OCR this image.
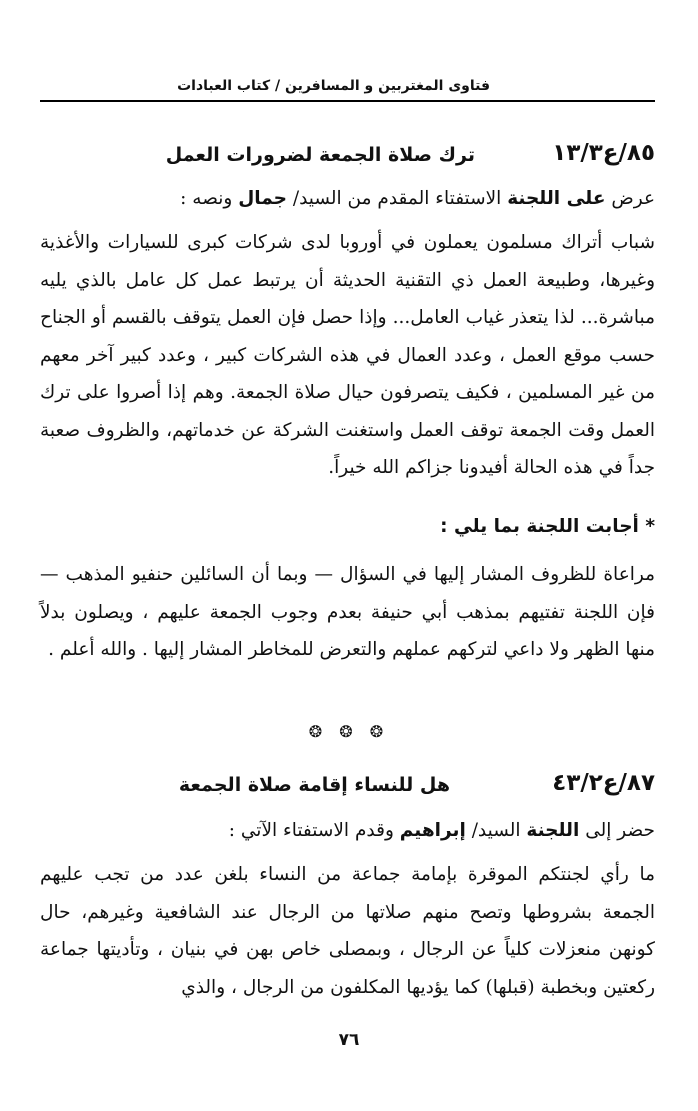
فتاوى المغتربين و المسافرين / كتاب العبادات
٨٥/ع١٣/٣
ترك صلاة الجمعة لضرورات العمل
عرض على اللجنة الاستفتاء المقدم من السيد/ جمال ونصه :
شباب أتراك مسلمون يعملون في أوروبا لدى شركات كبرى للسيارات والأغذية وغيرها، وطبيعة العمل ذي التقنية الحديثة أن يرتبط عمل كل عامل بالذي يليه مباشرة... لذا يتعذر غياب العامل... وإذا حصل فإن العمل يتوقف بالقسم أو الجناح حسب موقع العمل ، وعدد العمال في هذه الشركات كبير ، وعدد كبير آخر معهم من غير المسلمين ، فكيف يتصرفون حيال صلاة الجمعة. وهم إذا أصروا على ترك العمل وقت الجمعة توقف العمل واستغنت الشركة عن خدماتهم، والظروف صعبة جداً في هذه الحالة أفيدونا جزاكم الله خيراً.
* أجابت اللجنة بما يلي :
مراعاة للظروف المشار إليها في السؤال — وبما أن السائلين حنفيو المذهب — فإن اللجنة تفتيهم بمذهب أبي حنيفة بعدم وجوب الجمعة عليهم ، ويصلون بدلاً منها الظهر ولا داعي لتركهم عملهم والتعرض للمخاطر المشار إليها . والله أعلم .
❂ ❂ ❂
٨٧/ع٤٣/٢
هل للنساء إقامة صلاة الجمعة
حضر إلى اللجنة السيد/ إبراهيم وقدم الاستفتاء الآتي :
ما رأي لجنتكم الموقرة بإمامة جماعة من النساء بلغن عدد من تجب عليهم الجمعة بشروطها وتصح منهم صلاتها من الرجال عند الشافعية وغيرهم، حال كونهن منعزلات كلياً عن الرجال ، وبمصلى خاص بهن في بنيان ، وتأديتها جماعة ركعتين وبخطبة (قبلها) كما يؤديها المكلفون من الرجال ، والذي
٧٦
